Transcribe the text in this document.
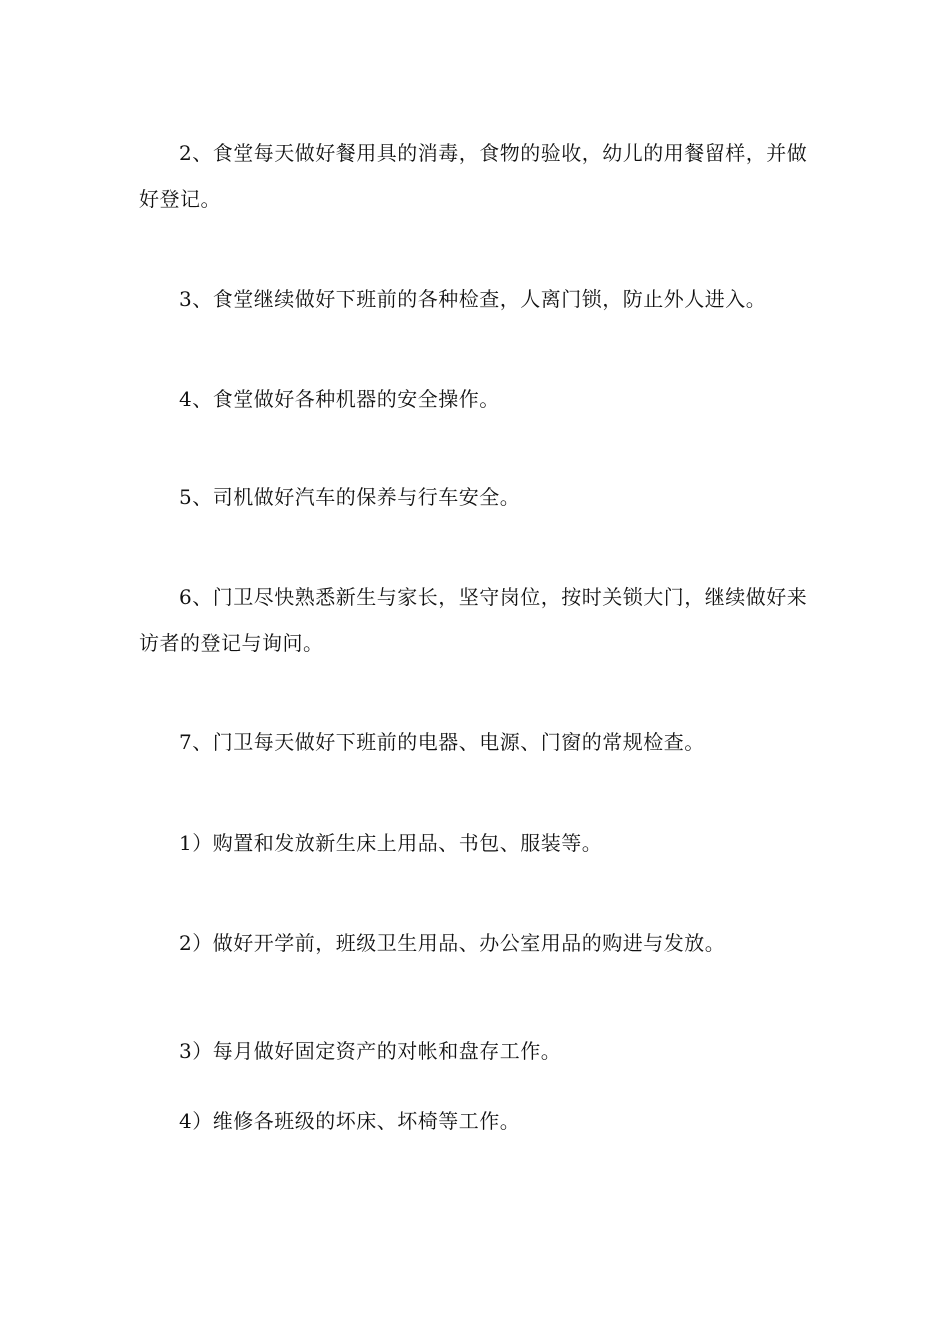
2、食堂每天做好餐用具的消毒，食物的验收，幼儿的用餐留样，并做好登记。

3、食堂继续做好下班前的各种检查，人离门锁，防止外人进入。

4、食堂做好各种机器的安全操作。

5、司机做好汽车的保养与行车安全。

6、门卫尽快熟悉新生与家长，坚守岗位，按时关锁大门，继续做好来访者的登记与询问。

7、门卫每天做好下班前的电器、电源、门窗的常规检查。

1）购置和发放新生床上用品、书包、服装等。

2）做好开学前，班级卫生用品、办公室用品的购进与发放。

3）每月做好固定资产的对帐和盘存工作。

4）维修各班级的坏床、坏椅等工作。
